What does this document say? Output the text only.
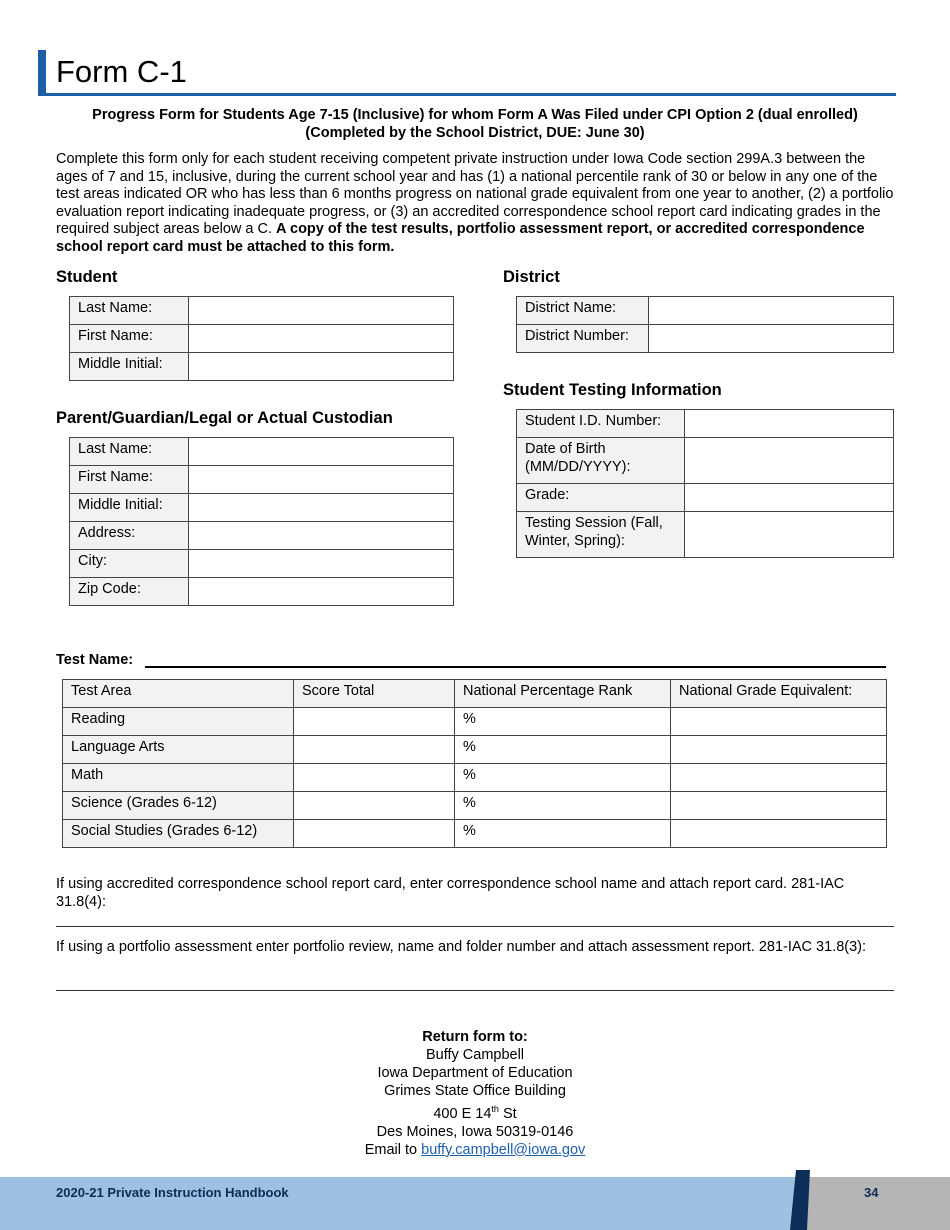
Form C-1
Progress Form for Students Age 7-15 (Inclusive) for whom Form A Was Filed under CPI Option 2 (dual enrolled)
(Completed by the School District, DUE: June 30)
Complete this form only for each student receiving competent private instruction under Iowa Code section 299A.3 between the ages of 7 and 15, inclusive, during the current school year and has (1) a national percentile rank of 30 or below in any one of the test areas indicated OR who has less than 6 months progress on national grade equivalent from one year to another, (2) a portfolio evaluation report indicating inadequate progress, or (3) an accredited correspondence school report card indicating grades in the required subject areas below a C. A copy of the test results, portfolio assessment report, or accredited correspondence school report card must be attached to this form.
Student
Last Name:	
First Name:	
Middle Initial:	
District
District Name:	
District Number:	
Student Testing Information
Student I.D. Number:	
Date of Birth (MM/DD/YYYY):	
Grade:	
Testing Session (Fall, Winter, Spring):	
Parent/Guardian/Legal or Actual Custodian
Last Name:	
First Name:	
Middle Initial:	
Address:	
City:	
Zip Code:	
Test Name:
Test Area	Score Total	National Percentage Rank	National Grade Equivalent:
Reading		%	
Language Arts		%	
Math		%	
Science (Grades 6-12)		%	
Social Studies (Grades 6-12)		%	
If using accredited correspondence school report card, enter correspondence school name and attach report card. 281-IAC 31.8(4):
If using a portfolio assessment enter portfolio review, name and folder number and attach assessment report. 281-IAC 31.8(3):
Return form to:
Buffy Campbell
Iowa Department of Education
Grimes State Office Building
400 E 14th St
Des Moines, Iowa 50319-0146
Email to buffy.campbell@iowa.gov
2020-21 Private Instruction Handbook	34
